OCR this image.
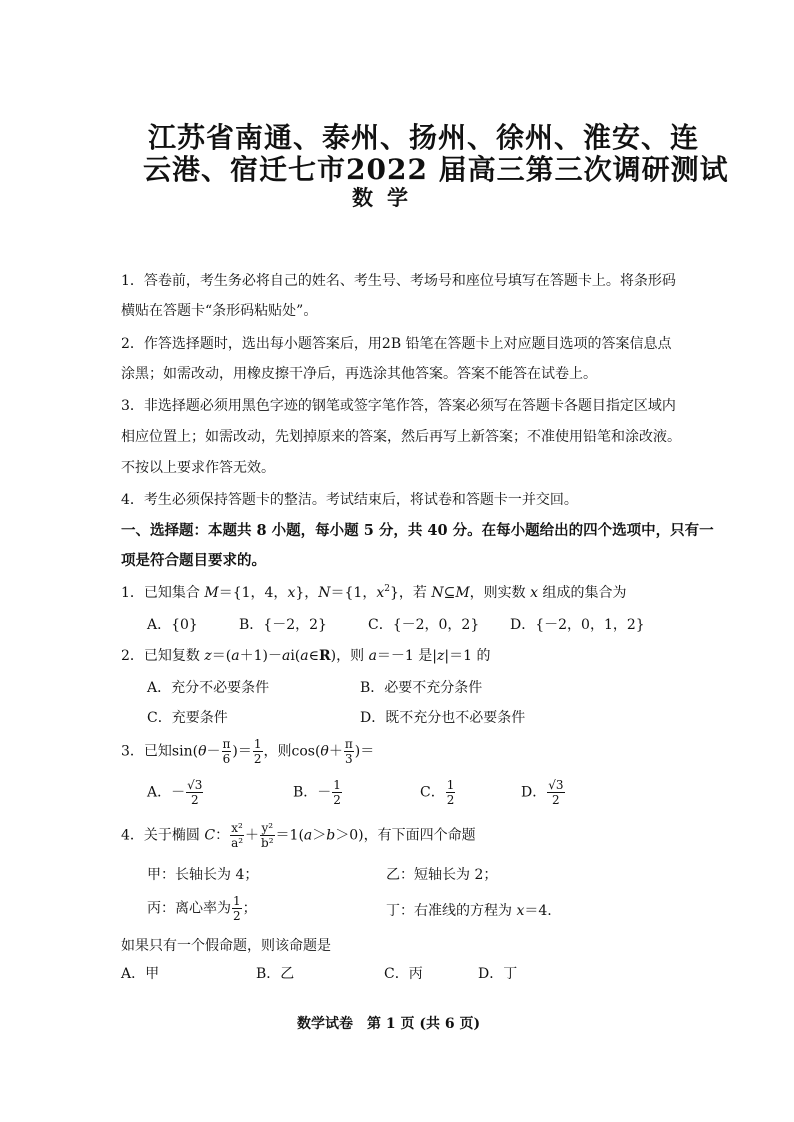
江苏省南通、泰州、扬州、徐州、淮安、连
云港、宿迁七市2022 届高三第三次调研测试
数学
1．答卷前，考生务必将自己的姓名、考生号、考场号和座位号填写在答题卡上。将条形码
横贴在答题卡“条形码粘贴处”。
2．作答选择题时，选出每小题答案后，用2B 铅笔在答题卡上对应题目选项的答案信息点
涂黑；如需改动，用橡皮擦干净后，再选涂其他答案。答案不能答在试卷上。
3．非选择题必须用黑色字迹的钢笔或签字笔作答，答案必须写在答题卡各题目指定区域内
相应位置上；如需改动，先划掉原来的答案，然后再写上新答案；不准使用铅笔和涂改液。
不按以上要求作答无效。
4．考生必须保持答题卡的整洁。考试结束后，将试卷和答题卡一并交回。
一、选择题：本题共 8 小题，每小题 5 分，共 40 分。在每小题给出的四个选项中，只有一
项是符合题目要求的。
1．已知集合 M＝{1，4，x}，N＝{1，$x^2$}，若 N⊆M，则实数 x 组成的集合为
A．{0}	B．{－2，2}	C．{－2，0，2} D．{－2，0，1，2}
2．已知复数 z＝(a＋1)－ai(a∈R)，则 a＝－1 是|z|＝1 的
A．充分不必要条件	B．必要不充分条件
C．充要条件	D．既不充分也不必要条件
3．已知$\sin(\theta- \frac{\pi}{6}$ )＝ $\frac{1}{2}$ ，则$\cos(\theta+ \frac{\pi}{3}$ )＝
A．－ $\frac{√3}{2}$	B．－ $\frac{1}{2}$	C． $\frac{1}{2}$	D． $\frac{√3}{2}$
4．关于椭圆 C： $\frac{\text{x²}}{\text{a²}} + \frac{\text{y²}}{\text{b²}} =1(a>b>0)$，有下面四个命题
甲：长轴长为 4；	乙：短轴长为 2；
丙：离心率为 $\frac{1}{2}$ ；	丁：右准线的方程为 x＝4.
如果只有一个假命题，则该命题是
A．甲	B．乙	C．丙	D．丁
数学试卷　第 1 页 (共 6 页)
